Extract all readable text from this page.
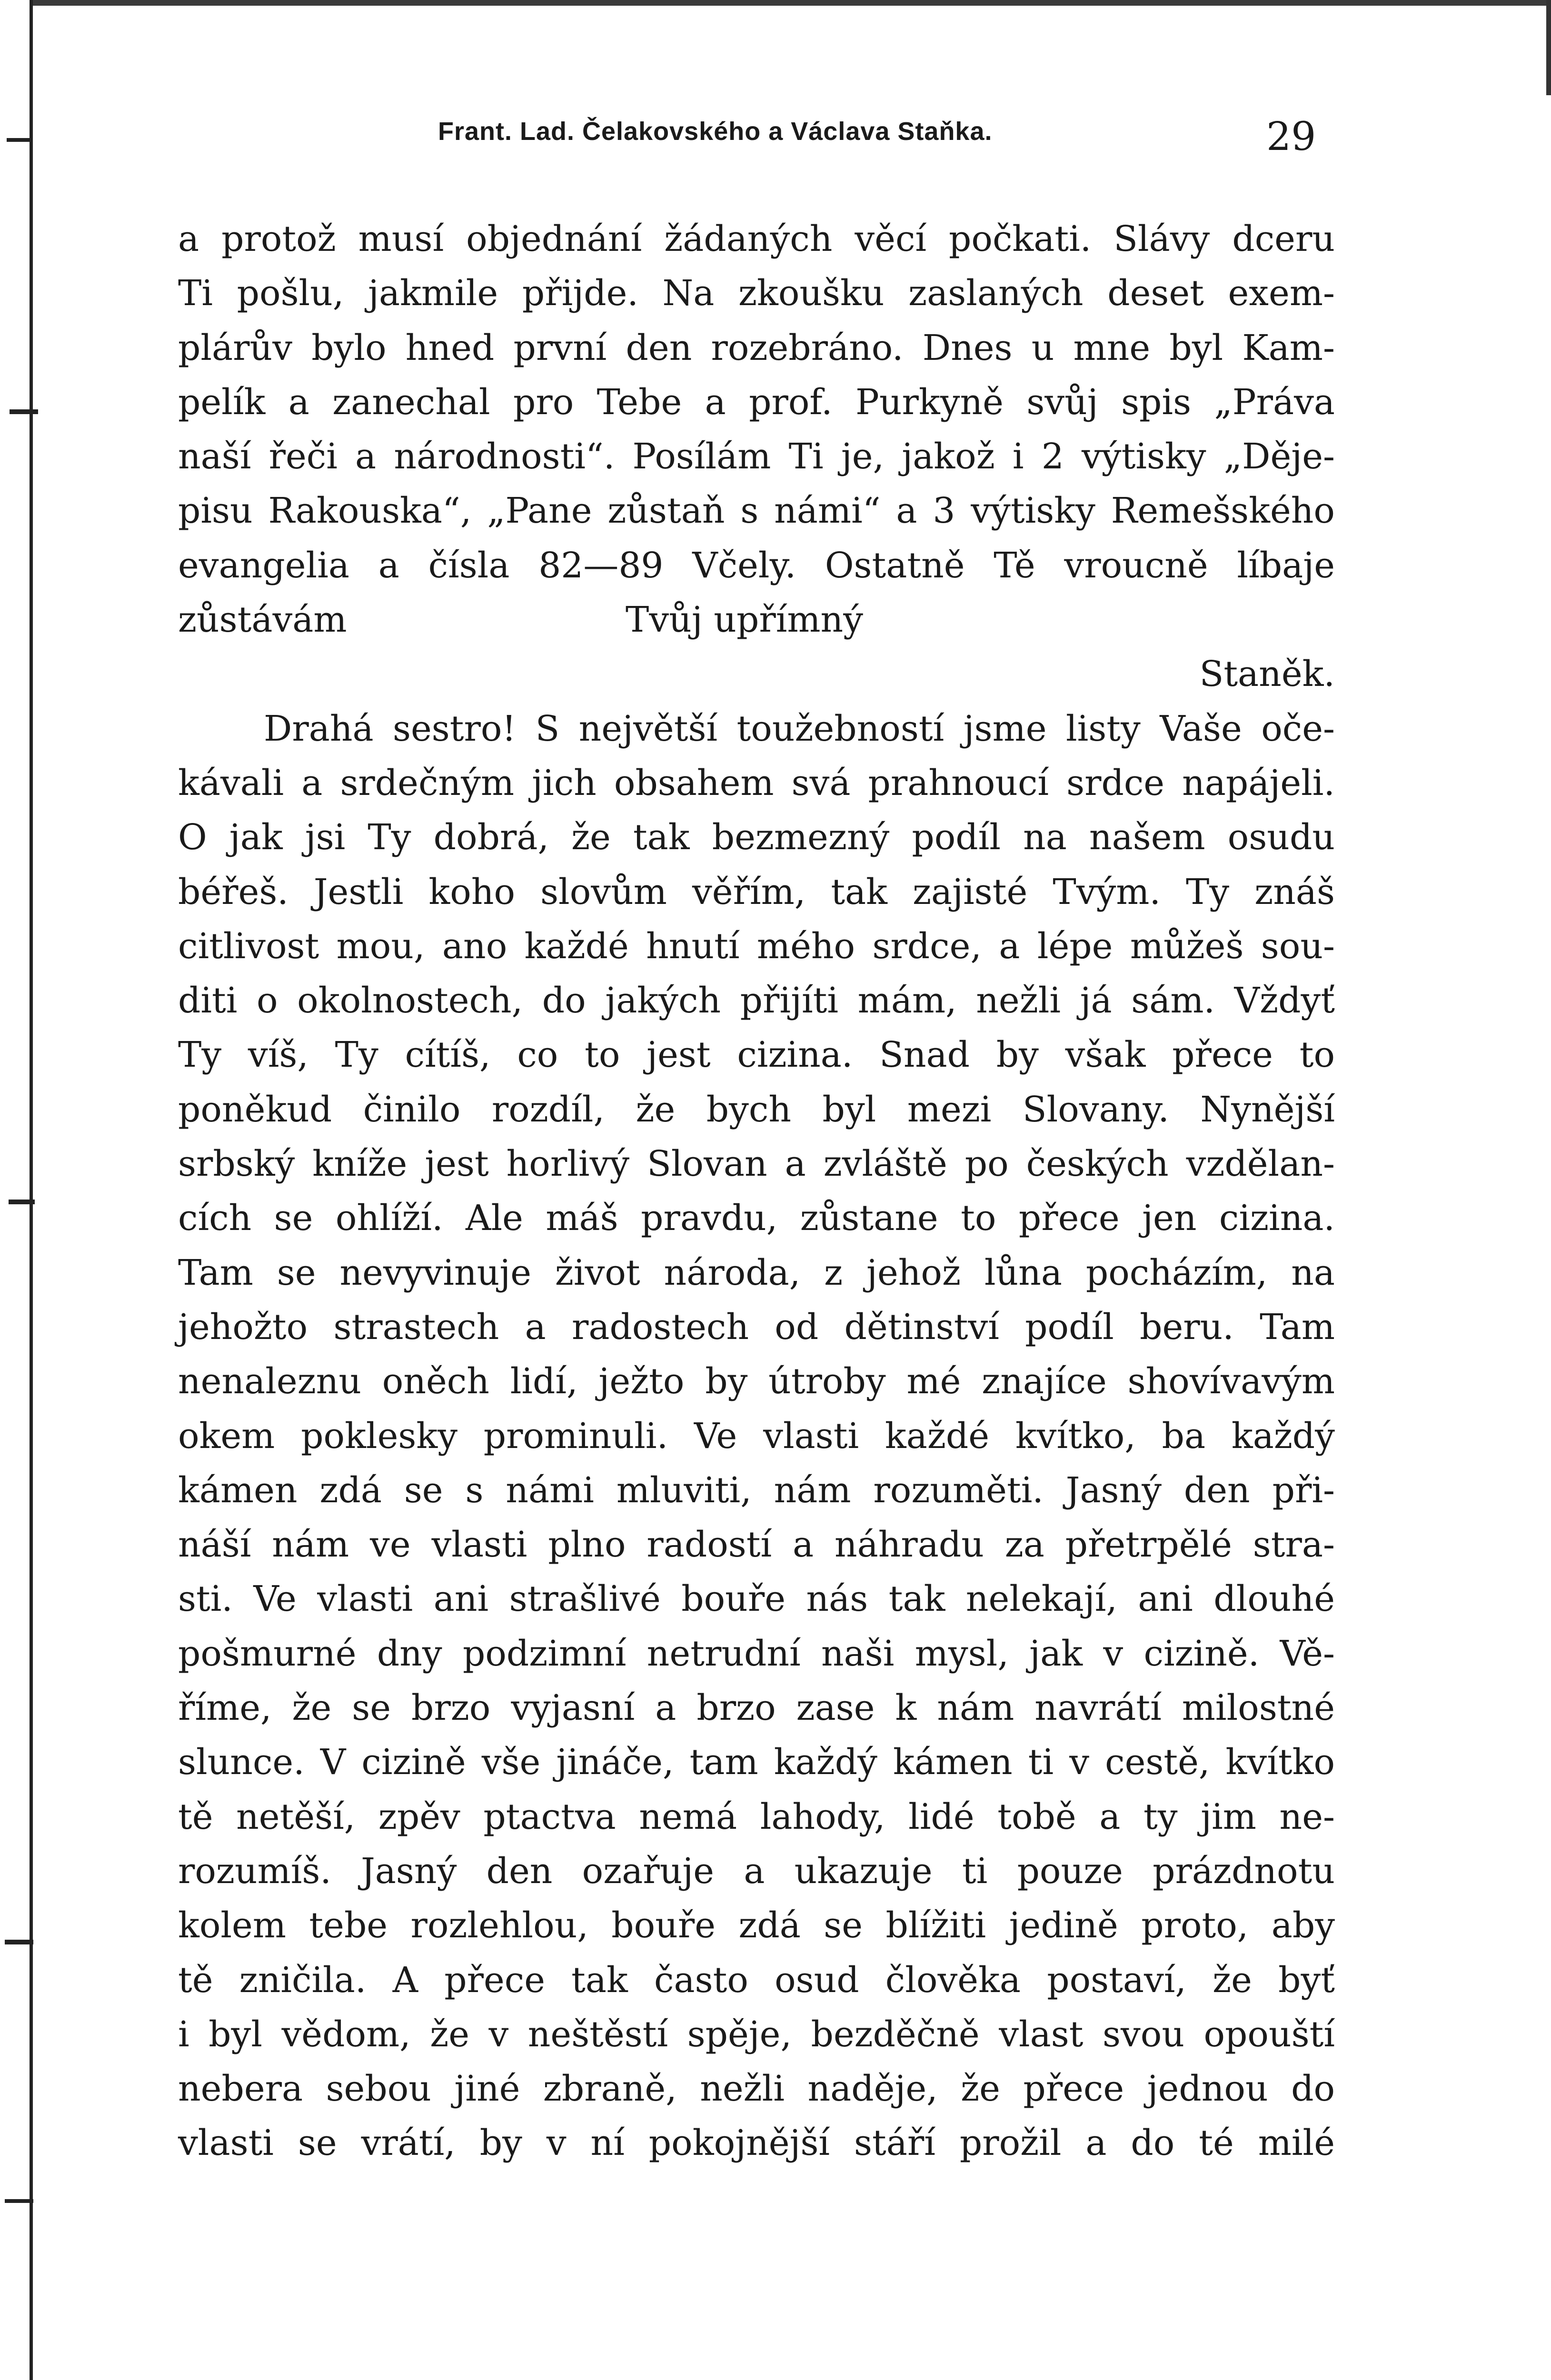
Frant. Lad. Čelakovského a Václava Staňka.	29
a protož musí objednání žádaných věcí počkati. Slávy dceru
Ti pošlu, jakmile přijde. Na zkoušku zaslaných deset exem-
plárův bylo hned první den rozebráno. Dnes u mne byl Kam-
pelík a zanechal pro Tebe a prof. Purkyně svůj spis „Práva
naší řeči a národnosti“. Posílám Ti je, jakož i 2 výtisky „Děje-
pisu Rakouska“, „Pane zůstaň s námi“ a 3 výtisky Remešského
evangelia a čísla 82—89 Včely. Ostatně Tě vroucně líbaje
zůstávám	Tvůj upřímný
Staněk.
Drahá sestro! S největší toužebností jsme listy Vaše oče-
kávali a srdečným jich obsahem svá prahnoucí srdce napájeli.
O jak jsi Ty dobrá, že tak bezmezný podíl na našem osudu
béřeš. Jestli koho slovům věřím, tak zajisté Tvým. Ty znáš
citlivost mou, ano každé hnutí mého srdce, a lépe můžeš sou-
diti o okolnostech, do jakých přijíti mám, nežli já sám. Vždyť
Ty víš, Ty cítíš, co to jest cizina. Snad by však přece to
poněkud činilo rozdíl, že bych byl mezi Slovany. Nynější
srbský kníže jest horlivý Slovan a zvláště po českých vzdělan-
cích se ohlíží. Ale máš pravdu, zůstane to přece jen cizina.
Tam se nevyvinuje život národa, z jehož lůna pocházím, na
jehožto strastech a radostech od dětinství podíl beru. Tam
nenaleznu oněch lidí, ježto by útroby mé znajíce shovívavým
okem poklesky prominuli. Ve vlasti každé kvítko, ba každý
kámen zdá se s námi mluviti, nám rozuměti. Jasný den při-
náší nám ve vlasti plno radostí a náhradu za přetrpělé stra-
sti. Ve vlasti ani strašlivé bouře nás tak nelekají, ani dlouhé
pošmurné dny podzimní netrudní naši mysl, jak v cizině. Vě-
říme, že se brzo vyjasní a brzo zase k nám navrátí milostné
slunce. V cizině vše jináče, tam každý kámen ti v cestě, kvítko
tě netěší, zpěv ptactva nemá lahody, lidé tobě a ty jim ne-
rozumíš. Jasný den ozařuje a ukazuje ti pouze prázdnotu
kolem tebe rozlehlou, bouře zdá se blížiti jedině proto, aby
tě zničila. A přece tak často osud člověka postaví, že byť
i byl vědom, že v neštěstí spěje, bezděčně vlast svou opouští
nebera sebou jiné zbraně, nežli naděje, že přece jednou do
vlasti se vrátí, by v ní pokojnější stáří prožil a do té milé
